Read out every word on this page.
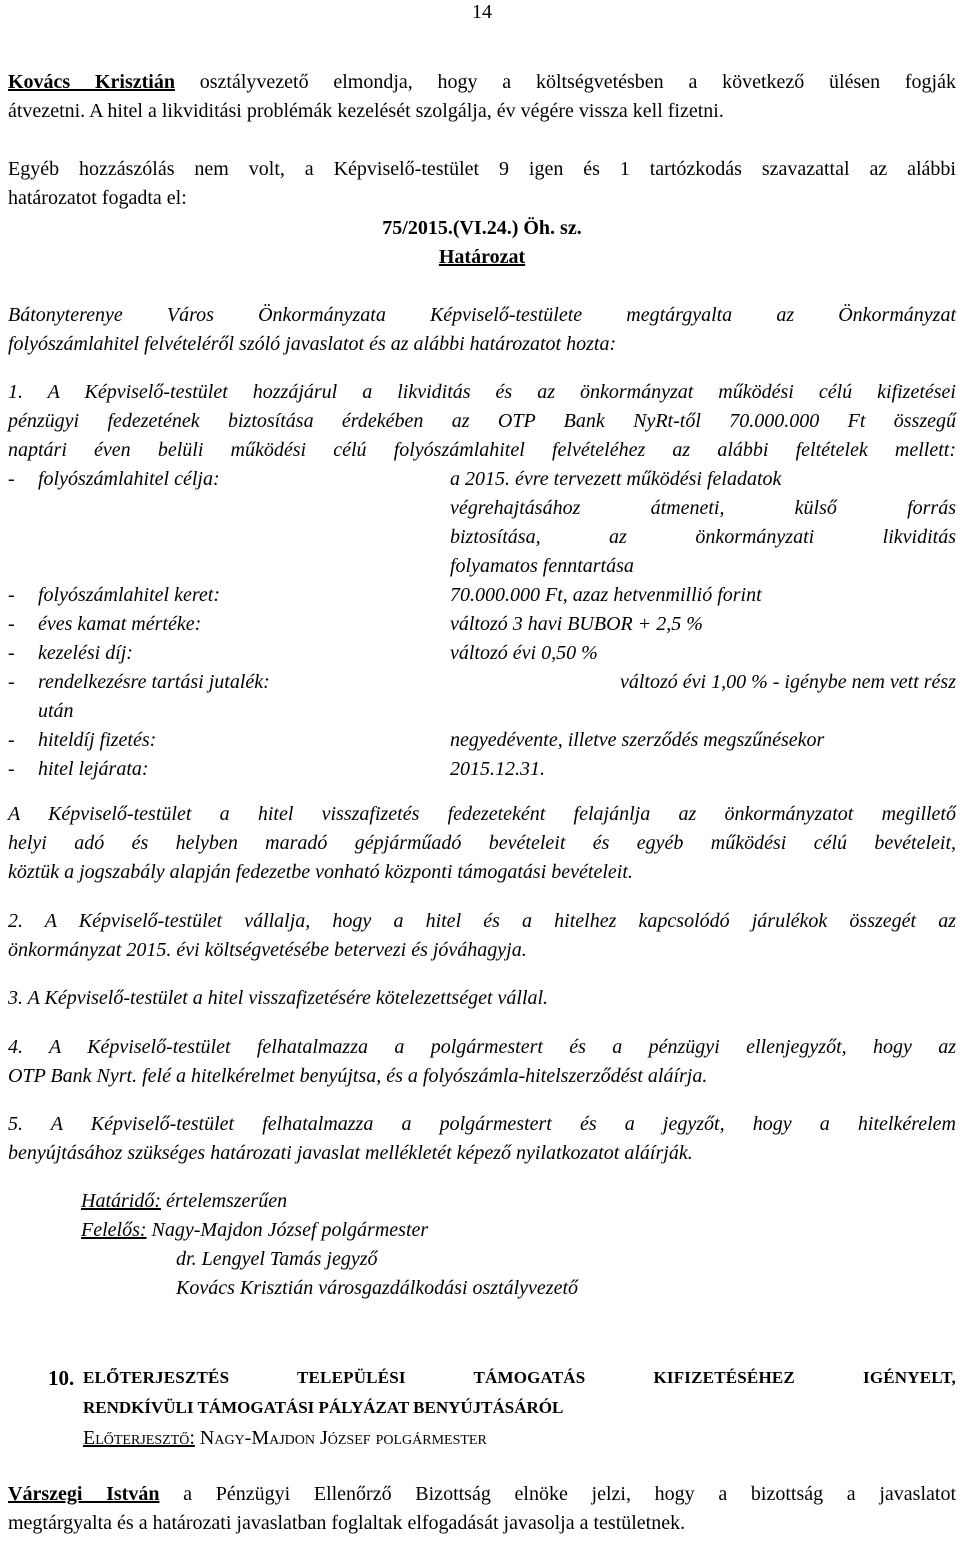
14

Kovács Krisztián osztályvezető elmondja, hogy a költségvetésben a következő ülésen fogják

átvezetni. A hitel a likviditási problémák kezelését szolgálja, év végére vissza kell fizetni.

Egyéb hozzászólás nem volt, a Képviselő-testület 9 igen és 1 tartózkodás szavazattal az alábbi

határozatot fogadta el:

75/2015.(VI.24.) Öh. sz.

Határozat

Bátonyterenye Város Önkormányzata Képviselő-testülete megtárgyalta az Önkormányzat

folyószámlahitel felvételéről szóló javaslatot és az alábbi határozatot hozta:

1. A Képviselő-testület hozzájárul a likviditás és az önkormányzat működési célú kifizetései

pénzügyi fedezetének biztosítása érdekében az OTP Bank NyRt-től 70.000.000 Ft összegű

naptári éven belüli működési célú folyószámlahitel felvételéhez az alábbi feltételek mellett:

- folyószámlahitel célja:	a 2015. évre tervezett működési feladatok
végrehajtásához átmeneti, külső forrás
biztosítása, az önkormányzati likviditás
folyamatos fenntartása
- folyószámlahitel keret:	70.000.000 Ft, azaz hetvenmillió forint
- éves kamat mértéke:	változó 3 havi BUBOR + 2,5 %
- kezelési díj:	változó évi 0,50 %
- rendelkezésre tartási jutalék:	változó évi 1,00 % - igénybe nem vett rész
után
- hiteldíj fizetés:	negyedévente, illetve szerződés megszűnésekor
- hitel lejárata:	2015.12.31.

A Képviselő-testület a hitel visszafizetés fedezeteként felajánlja az önkormányzatot megillető

helyi adó és helyben maradó gépjárműadó bevételeit és egyéb működési célú bevételeit,

köztük a jogszabály alapján fedezetbe vonható központi támogatási bevételeit.

2. A Képviselő-testület vállalja, hogy a hitel és a hitelhez kapcsolódó járulékok összegét az

önkormányzat 2015. évi költségvetésébe betervezi és jóváhagyja.

3. A Képviselő-testület a hitel visszafizetésére kötelezettséget vállal.

4. A Képviselő-testület felhatalmazza a polgármestert és a pénzügyi ellenjegyzőt, hogy az

OTP Bank Nyrt. felé a hitelkérelmet benyújtsa, és a folyószámla-hitelszerződést aláírja.

5. A Képviselő-testület felhatalmazza a polgármestert és a jegyzőt, hogy a hitelkérelem

benyújtásához szükséges határozati javaslat mellékletét képező nyilatkozatot aláírják.

Határidő: értelemszerűen

Felelős: Nagy-Majdon József polgármester

dr. Lengyel Tamás jegyző

Kovács Krisztián városgazdálkodási osztályvezető

10. ELŐTERJESZTÉS TELEPÜLÉSI TÁMOGATÁS KIFIZETÉSÉHEZ IGÉNYELT,

RENDKÍVÜLI TÁMOGATÁSI PÁLYÁZAT BENYÚJTÁSÁRÓL

Előterjesztő: Nagy-Majdon József polgármester

Várszegi István a Pénzügyi Ellenőrző Bizottság elnöke jelzi, hogy a bizottság a javaslatot

megtárgyalta és a határozati javaslatban foglaltak elfogadását javasolja a testületnek.
